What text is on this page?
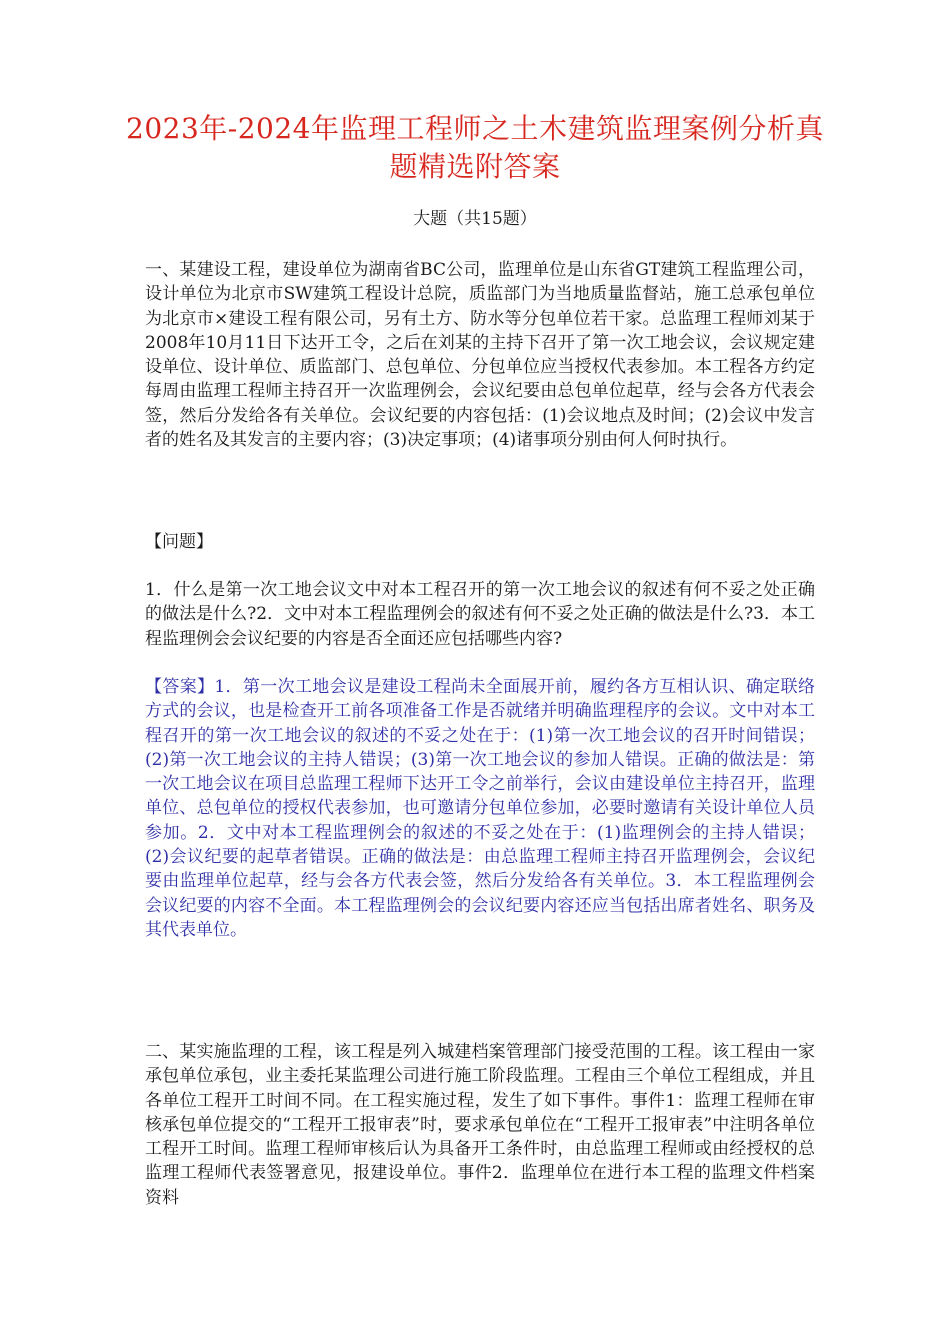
2023年-2024年监理工程师之土木建筑监理案例分析真题精选附答案
大题（共15题）
一、某建设工程，建设单位为湖南省BC公司，监理单位是山东省GT建筑工程监理公司，设计单位为北京市SW建筑工程设计总院，质监部门为当地质量监督站，施工总承包单位为北京市×建设工程有限公司，另有土方、防水等分包单位若干家。总监理工程师刘某于2008年10月11日下达开工令，之后在刘某的主持下召开了第一次工地会议，会议规定建设单位、设计单位、质监部门、总包单位、分包单位应当授权代表参加。本工程各方约定每周由监理工程师主持召开一次监理例会，会议纪要由总包单位起草，经与会各方代表会签，然后分发给各有关单位。会议纪要的内容包括：(1)会议地点及时间；(2)会议中发言者的姓名及其发言的主要内容；(3)决定事项；(4)诸事项分别由何人何时执行。
【问题】
1．什么是第一次工地会议文中对本工程召开的第一次工地会议的叙述有何不妥之处正确的做法是什么?2．文中对本工程监理例会的叙述有何不妥之处正确的做法是什么?3．本工程监理例会会议纪要的内容是否全面还应包括哪些内容?
【答案】1．第一次工地会议是建设工程尚未全面展开前，履约各方互相认识、确定联络方式的会议，也是检查开工前各项准备工作是否就绪并明确监理程序的会议。文中对本工程召开的第一次工地会议的叙述的不妥之处在于：(1)第一次工地会议的召开时间错误；(2)第一次工地会议的主持人错误；(3)第一次工地会议的参加人错误。正确的做法是：第一次工地会议在项目总监理工程师下达开工令之前举行，会议由建设单位主持召开，监理单位、总包单位的授权代表参加，也可邀请分包单位参加，必要时邀请有关设计单位人员参加。2．文中对本工程监理例会的叙述的不妥之处在于：(1)监理例会的主持人错误；(2)会议纪要的起草者错误。正确的做法是：由总监理工程师主持召开监理例会，会议纪要由监理单位起草，经与会各方代表会签，然后分发给各有关单位。3．本工程监理例会会议纪要的内容不全面。本工程监理例会的会议纪要内容还应当包括出席者姓名、职务及其代表单位。
二、某实施监理的工程，该工程是列入城建档案管理部门接受范围的工程。该工程由一家承包单位承包，业主委托某监理公司进行施工阶段监理。工程由三个单位工程组成，并且各单位工程开工时间不同。在工程实施过程，发生了如下事件。事件1：监理工程师在审核承包单位提交的“工程开工报审表”时，要求承包单位在“工程开工报审表”中注明各单位工程开工时间。监理工程师审核后认为具备开工条件时，由总监理工程师或由经授权的总监理工程师代表签署意见，报建设单位。事件2．监理单位在进行本工程的监理文件档案资料
